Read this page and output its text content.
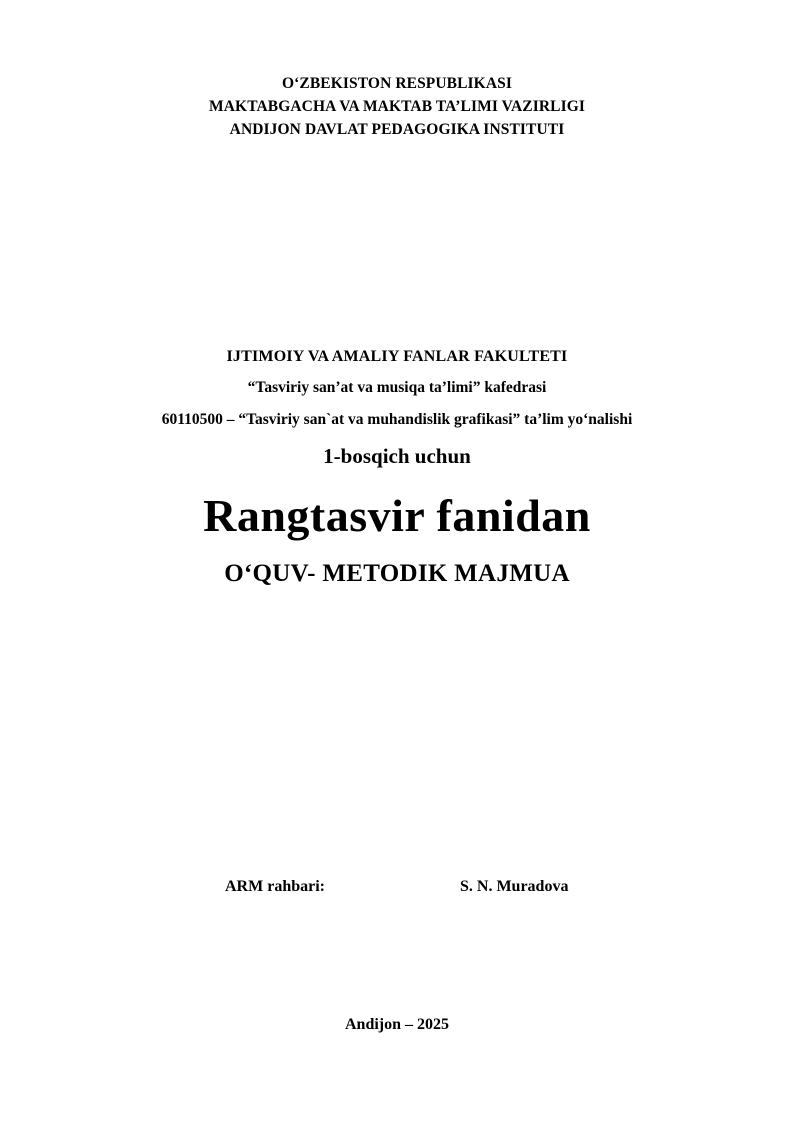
O‘ZBEKISTON RESPUBLIKASI
MAKTABGACHA VA MAKTAB TA’LIMI VAZIRLIGI
ANDIJON DAVLAT PEDAGOGIKA INSTITUTI
IJTIMOIY VA AMALIY FANLAR FAKULTETI
“Tasviriy san’at va musiqa ta’limi” kafedrasi
60110500 – “Tasviriy san`at va muhandislik grafikasi” ta’lim yo‘nalishi
1-bosqich uchun
Rangtasvir fanidan
O‘QUV- METODIK MAJMUA
ARM rahbari:	S. N. Muradova
Andijon – 2025
